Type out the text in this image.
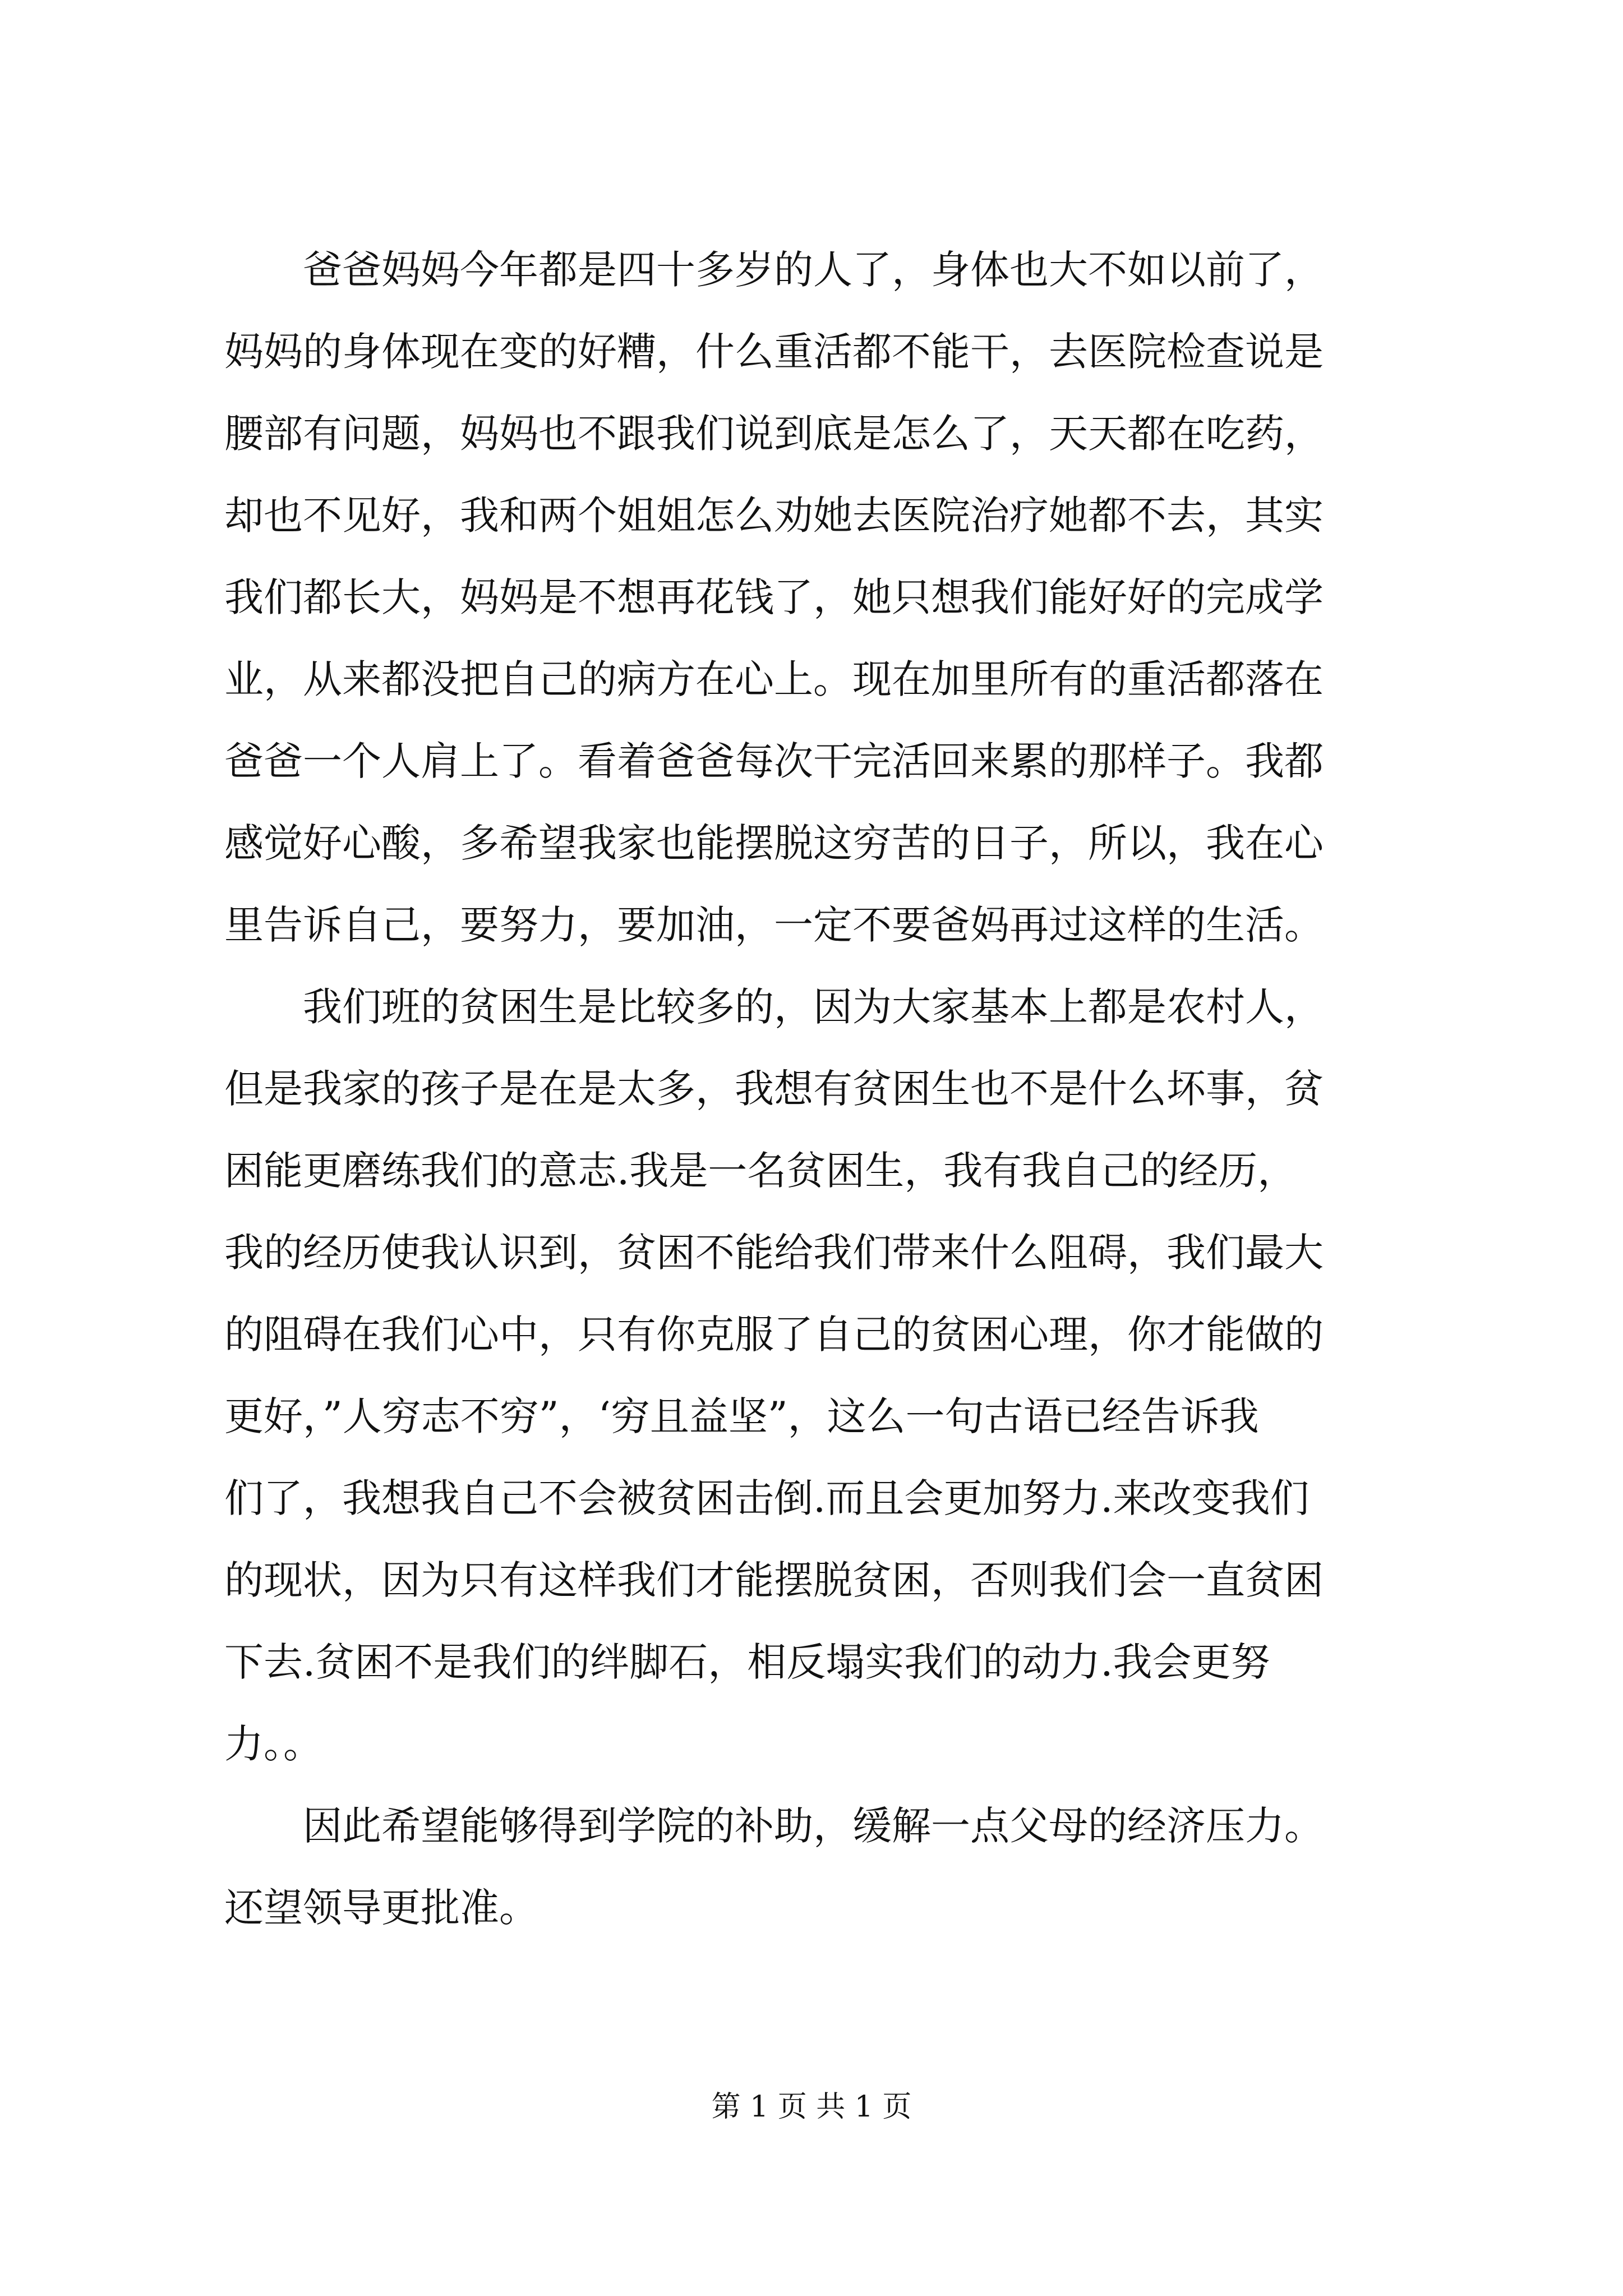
爸爸妈妈今年都是四十多岁的人了，身体也大不如以前了，
妈妈的身体现在变的好糟，什么重活都不能干，去医院检查说是
腰部有问题，妈妈也不跟我们说到底是怎么了，天天都在吃药，
却也不见好，我和两个姐姐怎么劝她去医院治疗她都不去，其实
我们都长大，妈妈是不想再花钱了，她只想我们能好好的完成学
业，从来都没把自己的病方在心上。现在加里所有的重活都落在
爸爸一个人肩上了。看着爸爸每次干完活回来累的那样子。我都
感觉好心酸，多希望我家也能摆脱这穷苦的日子，所以，我在心
里告诉自己，要努力，要加油，一定不要爸妈再过这样的生活。
我们班的贫困生是比较多的，因为大家基本上都是农村人，
但是我家的孩子是在是太多，我想有贫困生也不是什么坏事，贫
困能更磨练我们的意志.我是一名贫困生，我有我自己的经历，
我的经历使我认识到，贫困不能给我们带来什么阻碍，我们最大
的阻碍在我们心中，只有你克服了自己的贫困心理，你才能做的
更好，”人穷志不穷”，‘穷且益坚”，这么一句古语已经告诉我
们了，我想我自己不会被贫困击倒.而且会更加努力.来改变我们
的现状，因为只有这样我们才能摆脱贫困，否则我们会一直贫困
下去.贫困不是我们的绊脚石，相反塌实我们的动力.我会更努
力。。
因此希望能够得到学院的补助，缓解一点父母的经济压力。
还望领导更批准。
第 1 页 共 1 页
